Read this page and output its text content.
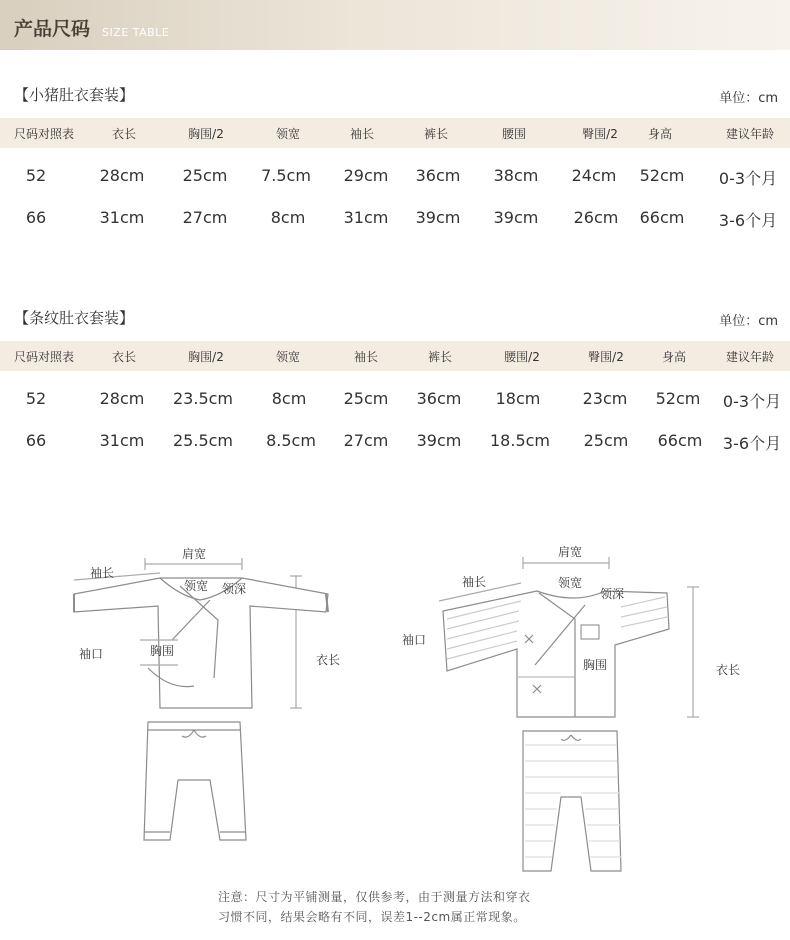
产品尺码 SIZE TABLE
【小猪肚衣套装】	单位：cm
尺码对照表	衣长	胸围/2	领宽	袖长	裤长	腰围	臀围/2	身高	建议年龄
52	28cm 25cm 7.5cm 29cm 36cm 38cm 24cm 52cm 0-3个月
66	31cm 27cm	8cm 31cm 39cm 39cm 26cm 66cm 3-6个月
【条纹肚衣套装】	单位：cm
尺码对照表	衣长	胸围/2	领宽	袖长	裤长	腰围/2	臀围/2	身高	建议年龄
52	28cm 23.5cm 8cm 25cm 36cm 18cm	23cm 52cm 0-3个月
66	31cm 25.5cm 8.5cm 27cm 39cm 18.5cm 25cm 66cm 3-6个月
肩宽
袖长
领宽 领深
袖口	胸围
衣长
肩宽
袖长	领宽
领深
袖口
胸围	衣长
注意：尺寸为平铺测量，仅供参考，由于测量方法和穿衣
习惯不同，结果会略有不同，误差1--2cm属正常现象。
